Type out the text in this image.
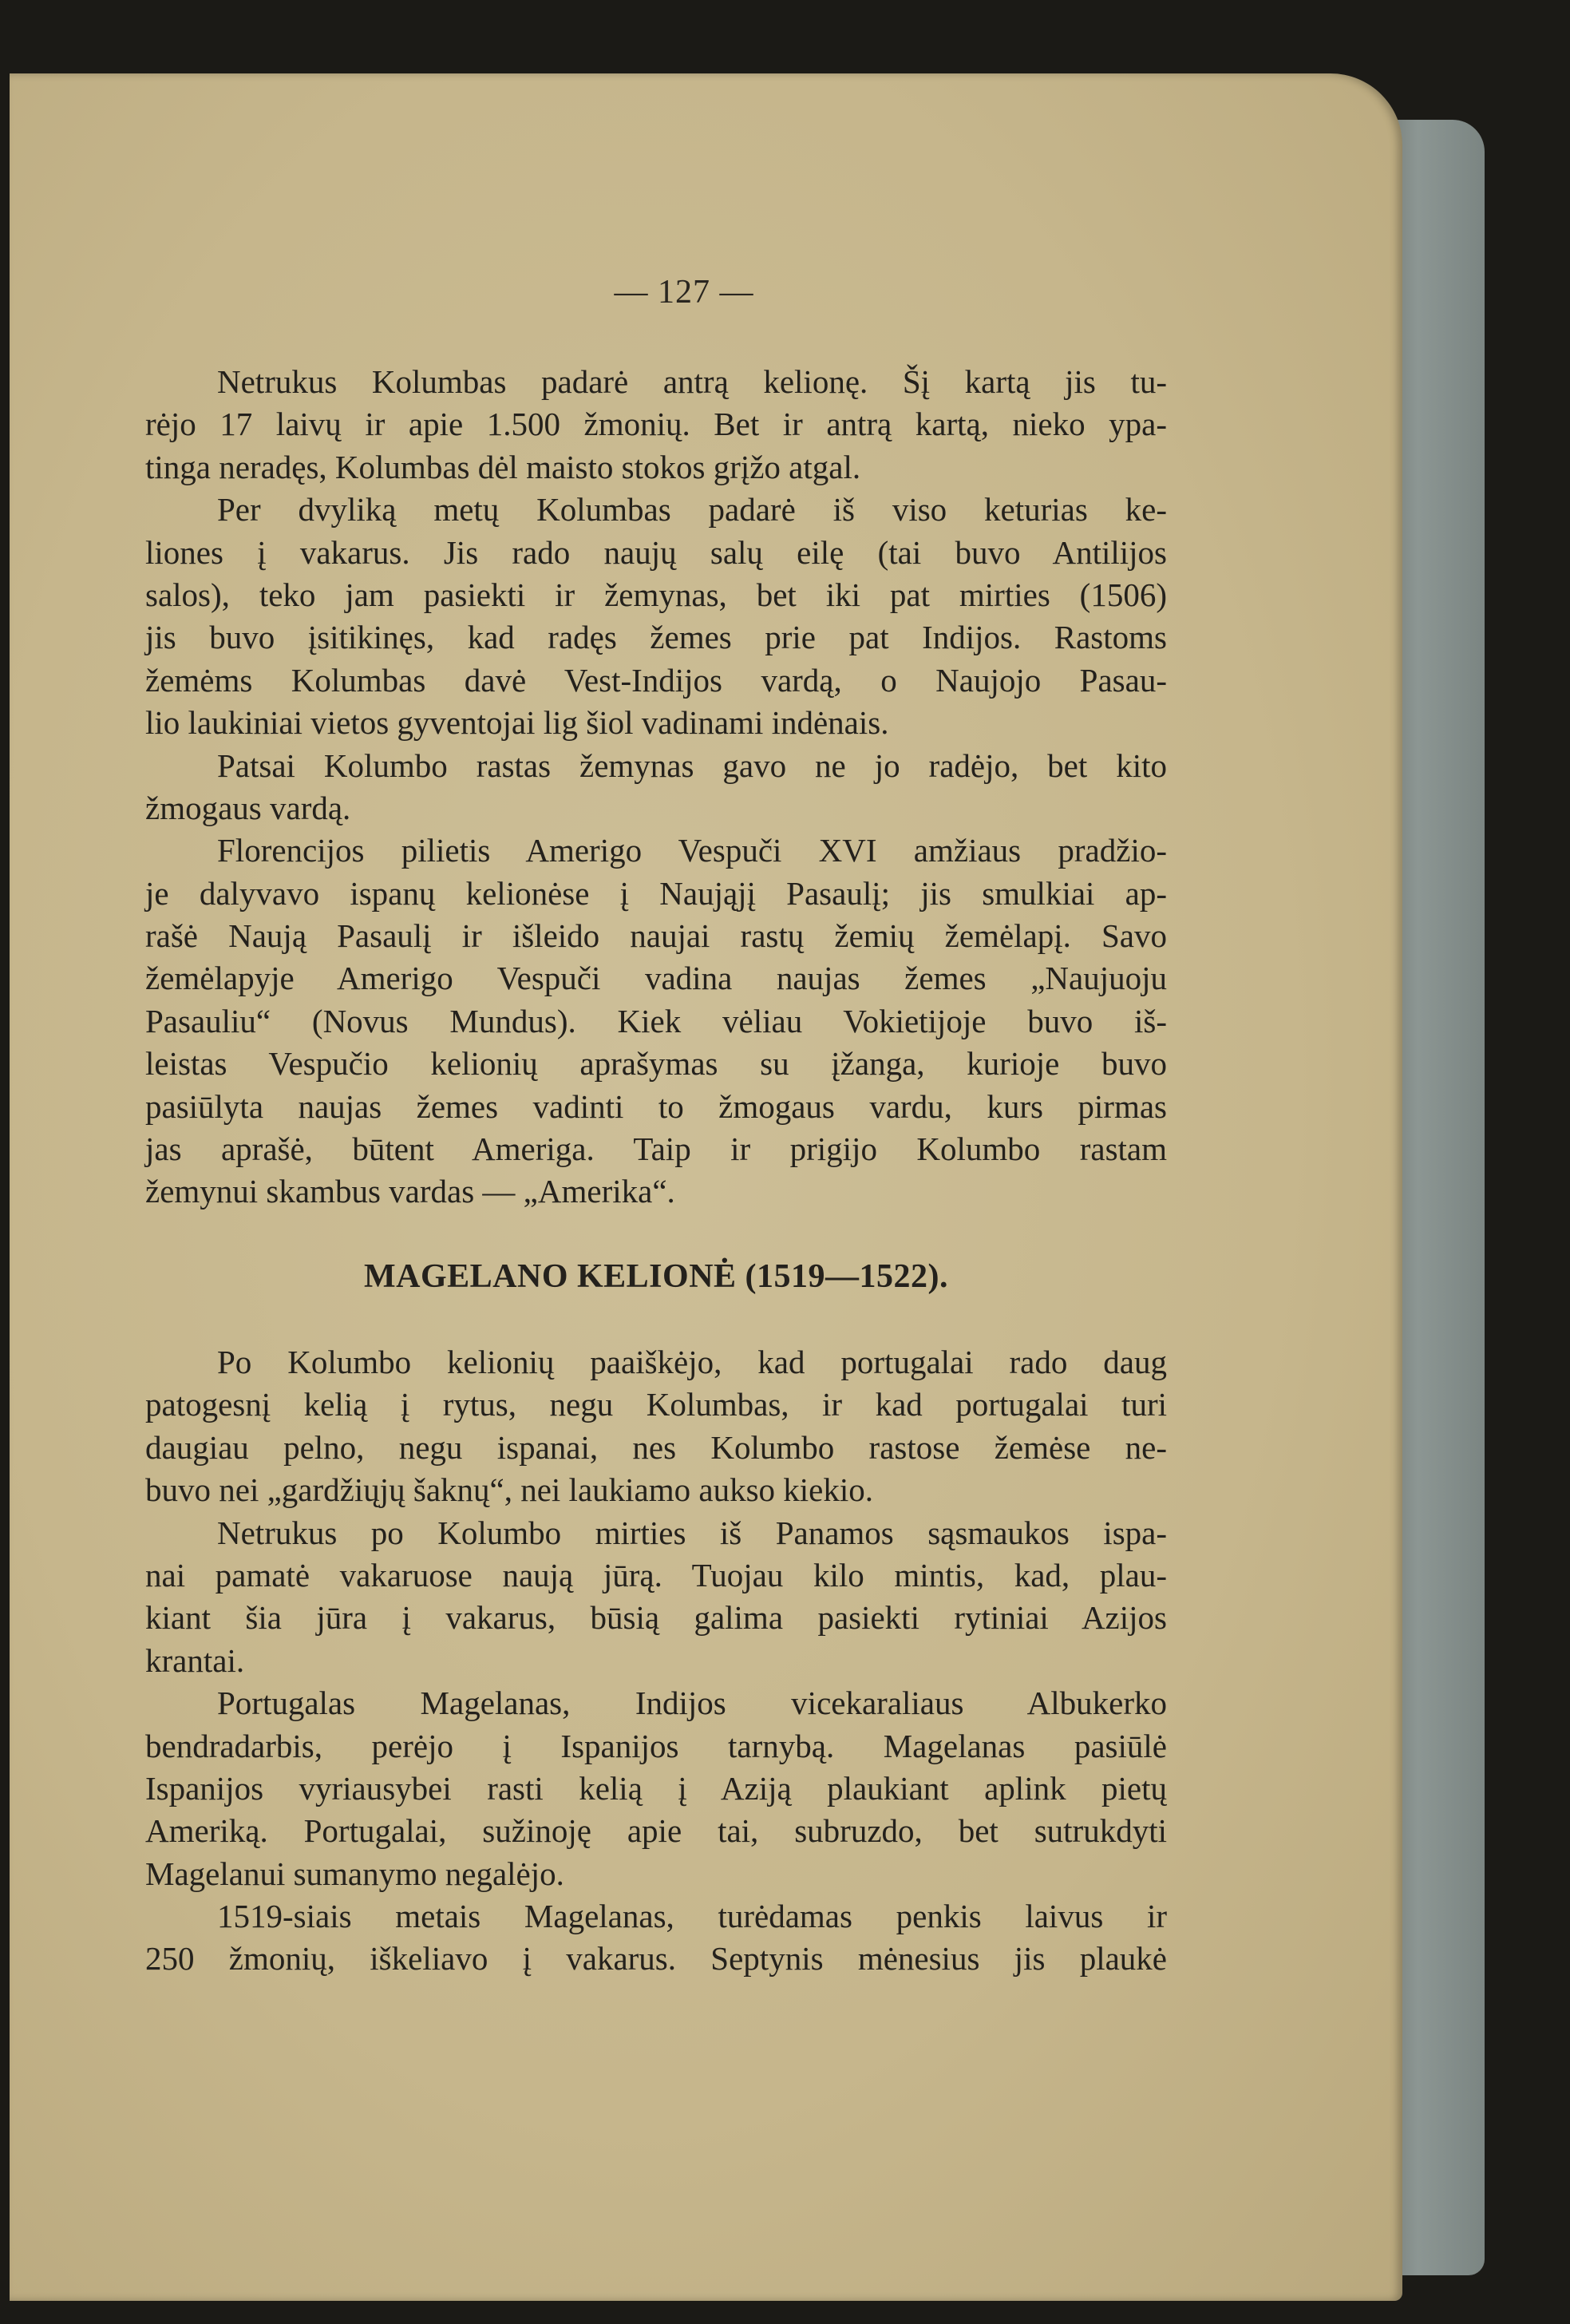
— 127 —
Netrukus Kolumbas padarė antrą kelionę. Šį kartą jis tu-
rėjo 17 laivų ir apie 1.500 žmonių. Bet ir antrą kartą, nieko ypa-
tinga neradęs, Kolumbas dėl maisto stokos grįžo atgal.
Per dvyliką metų Kolumbas padarė iš viso keturias ke-
liones į vakarus. Jis rado naujų salų eilę (tai buvo Antilijos
salos), teko jam pasiekti ir žemynas, bet iki pat mirties (1506)
jis buvo įsitikinęs, kad radęs žemes prie pat Indijos. Rastoms
žemėms Kolumbas davė Vest-Indijos vardą, o Naujojo Pasau-
lio laukiniai vietos gyventojai lig šiol vadinami indėnais.
Patsai Kolumbo rastas žemynas gavo ne jo radėjo, bet kito
žmogaus vardą.
Florencijos pilietis Amerigo Vespuči XVI amžiaus pradžio-
je dalyvavo ispanų kelionėse į Naująjį Pasaulį; jis smulkiai ap-
rašė Naują Pasaulį ir išleido naujai rastų žemių žemėlapį. Savo
žemėlapyje Amerigo Vespuči vadina naujas žemes „Naujuoju
Pasauliu“ (Novus Mundus). Kiek vėliau Vokietijoje buvo iš-
leistas Vespučio kelionių aprašymas su įžanga, kurioje buvo
pasiūlyta naujas žemes vadinti to žmogaus vardu, kurs pirmas
jas aprašė, būtent Ameriga. Taip ir prigijo Kolumbo rastam
žemynui skambus vardas — „Amerika“.
MAGELANO KELIONĖ (1519—1522).
Po Kolumbo kelionių paaiškėjo, kad portugalai rado daug
patogesnį kelią į rytus, negu Kolumbas, ir kad portugalai turi
daugiau pelno, negu ispanai, nes Kolumbo rastose žemėse ne-
buvo nei „gardžiųjų šaknų“, nei laukiamo aukso kiekio.
Netrukus po Kolumbo mirties iš Panamos sąsmaukos ispa-
nai pamatė vakaruose naują jūrą. Tuojau kilo mintis, kad, plau-
kiant šia jūra į vakarus, būsią galima pasiekti rytiniai Azijos
krantai.
Portugalas Magelanas, Indijos vicekaraliaus Albukerko
bendradarbis, perėjo į Ispanijos tarnybą. Magelanas pasiūlė
Ispanijos vyriausybei rasti kelią į Aziją plaukiant aplink pietų
Ameriką. Portugalai, sužinoję apie tai, subruzdo, bet sutrukdyti
Magelanui sumanymo negalėjo.
1519-siais metais Magelanas, turėdamas penkis laivus ir
250 žmonių, iškeliavo į vakarus. Septynis mėnesius jis plaukė
